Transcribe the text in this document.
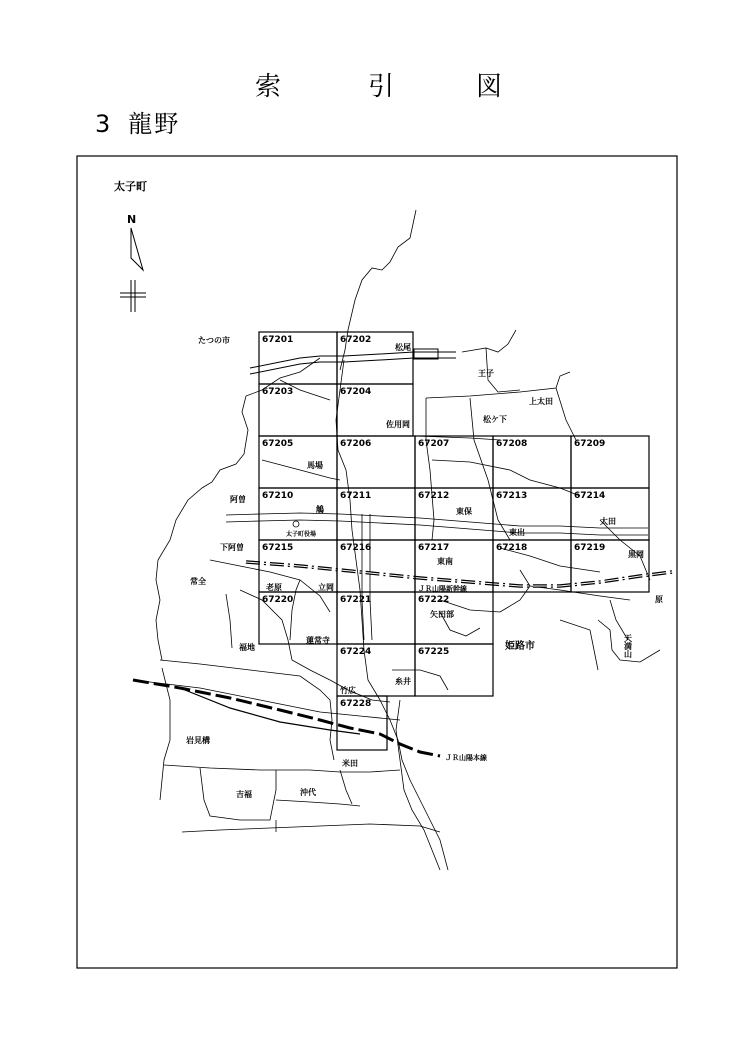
索	引	図
3 龍野
太子町
N
67201	67202
67203	67204
67205	67206	67207	67208	67209
67210	67211	67212	67213	67214
67215	67216	67217	67218	67219
67220	67221	67222
67224	67225
67228
たつの市
松尾
王子
上太田
松ケ下
佐用岡
馬場
阿曽
鵤
太子町役場
東保
東出
太田
下阿曽
東南
黒岡
常全
老原	立岡	ＪＲ山陽新幹線
原
矢田部
姫路市
福地
蓮常寺	天満山
糸井
竹広
岩見構
ＪＲ山陽本線
米田
吉福	沖代
